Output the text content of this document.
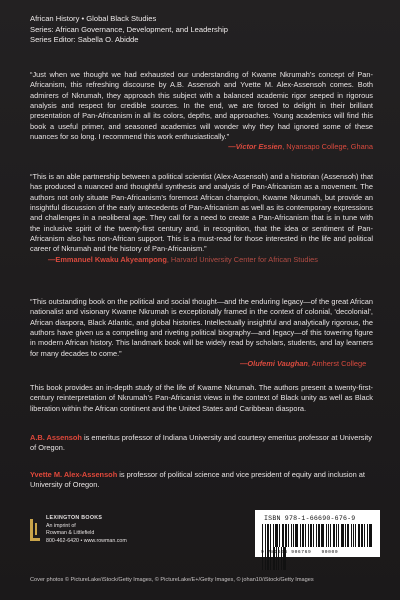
African History • Global Black Studies
Series: African Governance, Development, and Leadership
Series Editor: Sabella O. Abidde
“Just when we thought we had exhausted our understanding of Kwame Nkrumah’s concept of Pan-Africanism, this refreshing discourse by A.B. Assensoh and Yvette M. Alex-Assensoh comes. Both admirers of Nkrumah, they approach this subject with a balanced academic rigor seeped in rigorous analysis and respect for credible sources. In the end, we are forced to delight in their brilliant presentation of Pan-Africanism in all its colors, depths, and approaches. Young academics will find this book a useful primer, and seasoned academics will wonder why they had ignored some of these nuances for so long. I recommend this work enthusiastically.”
—Victor Essien, Nyansapo College, Ghana
“This is an able partnership between a political scientist (Alex-Assensoh) and a historian (Assensoh) that has produced a nuanced and thoughtful synthesis and analysis of Pan-Africanism as a movement. The authors not only situate Pan-Africanism’s foremost African champion, Kwame Nkrumah, but provide an insightful discussion of the early antecedents of Pan-Africanism as well as its contemporary expressions and challenges in a neoliberal age. They call for a need to create a Pan-Africanism that is in tune with the inclusive spirit of the twenty-first century and, in recognition, that the idea or sentiment of Pan-Africanism also has non-African support. This is a must-read for those interested in the life and political career of Nkrumah and the history of Pan-Africanism.”
—Emmanuel Kwaku Akyeampong, Harvard University Center for African Studies
“This outstanding book on the political and social thought—and the enduring legacy—of the great African nationalist and visionary Kwame Nkrumah is exceptionally framed in the context of colonial, ‘decolonial’, African diaspora, Black Atlantic, and global histories. Intellectually insightful and analytically rigorous, the authors have given us a compelling and riveting political biography—and legacy—of this towering figure in modern African history. This landmark book will be widely read by scholars, students, and lay learners for many decades to come.”
—Olufemi Vaughan, Amherst College
This book provides an in-depth study of the life of Kwame Nkrumah. The authors present a twenty-first-century reinterpretation of Nkrumah’s Pan-Africanist views in the context of Black unity as well as Black liberation within the African continent and the United States and Caribbean diaspora.
A.B. Assensoh is emeritus professor of Indiana University and courtesy emeritus professor at University of Oregon.
Yvette M. Alex-Assensoh is professor of political science and vice president of equity and inclusion at University of Oregon.
LEXINGTON BOOKS
An imprint of
Rowman & Littlefield
800-462-6420 • www.rowman.com
ISBN 978-1-66690-676-9
9 781666 906769 90000
Cover photos © PictureLake/iStock/Getty Images, © PictureLake/E+/Getty Images, © johan10/iStock/Getty Images
